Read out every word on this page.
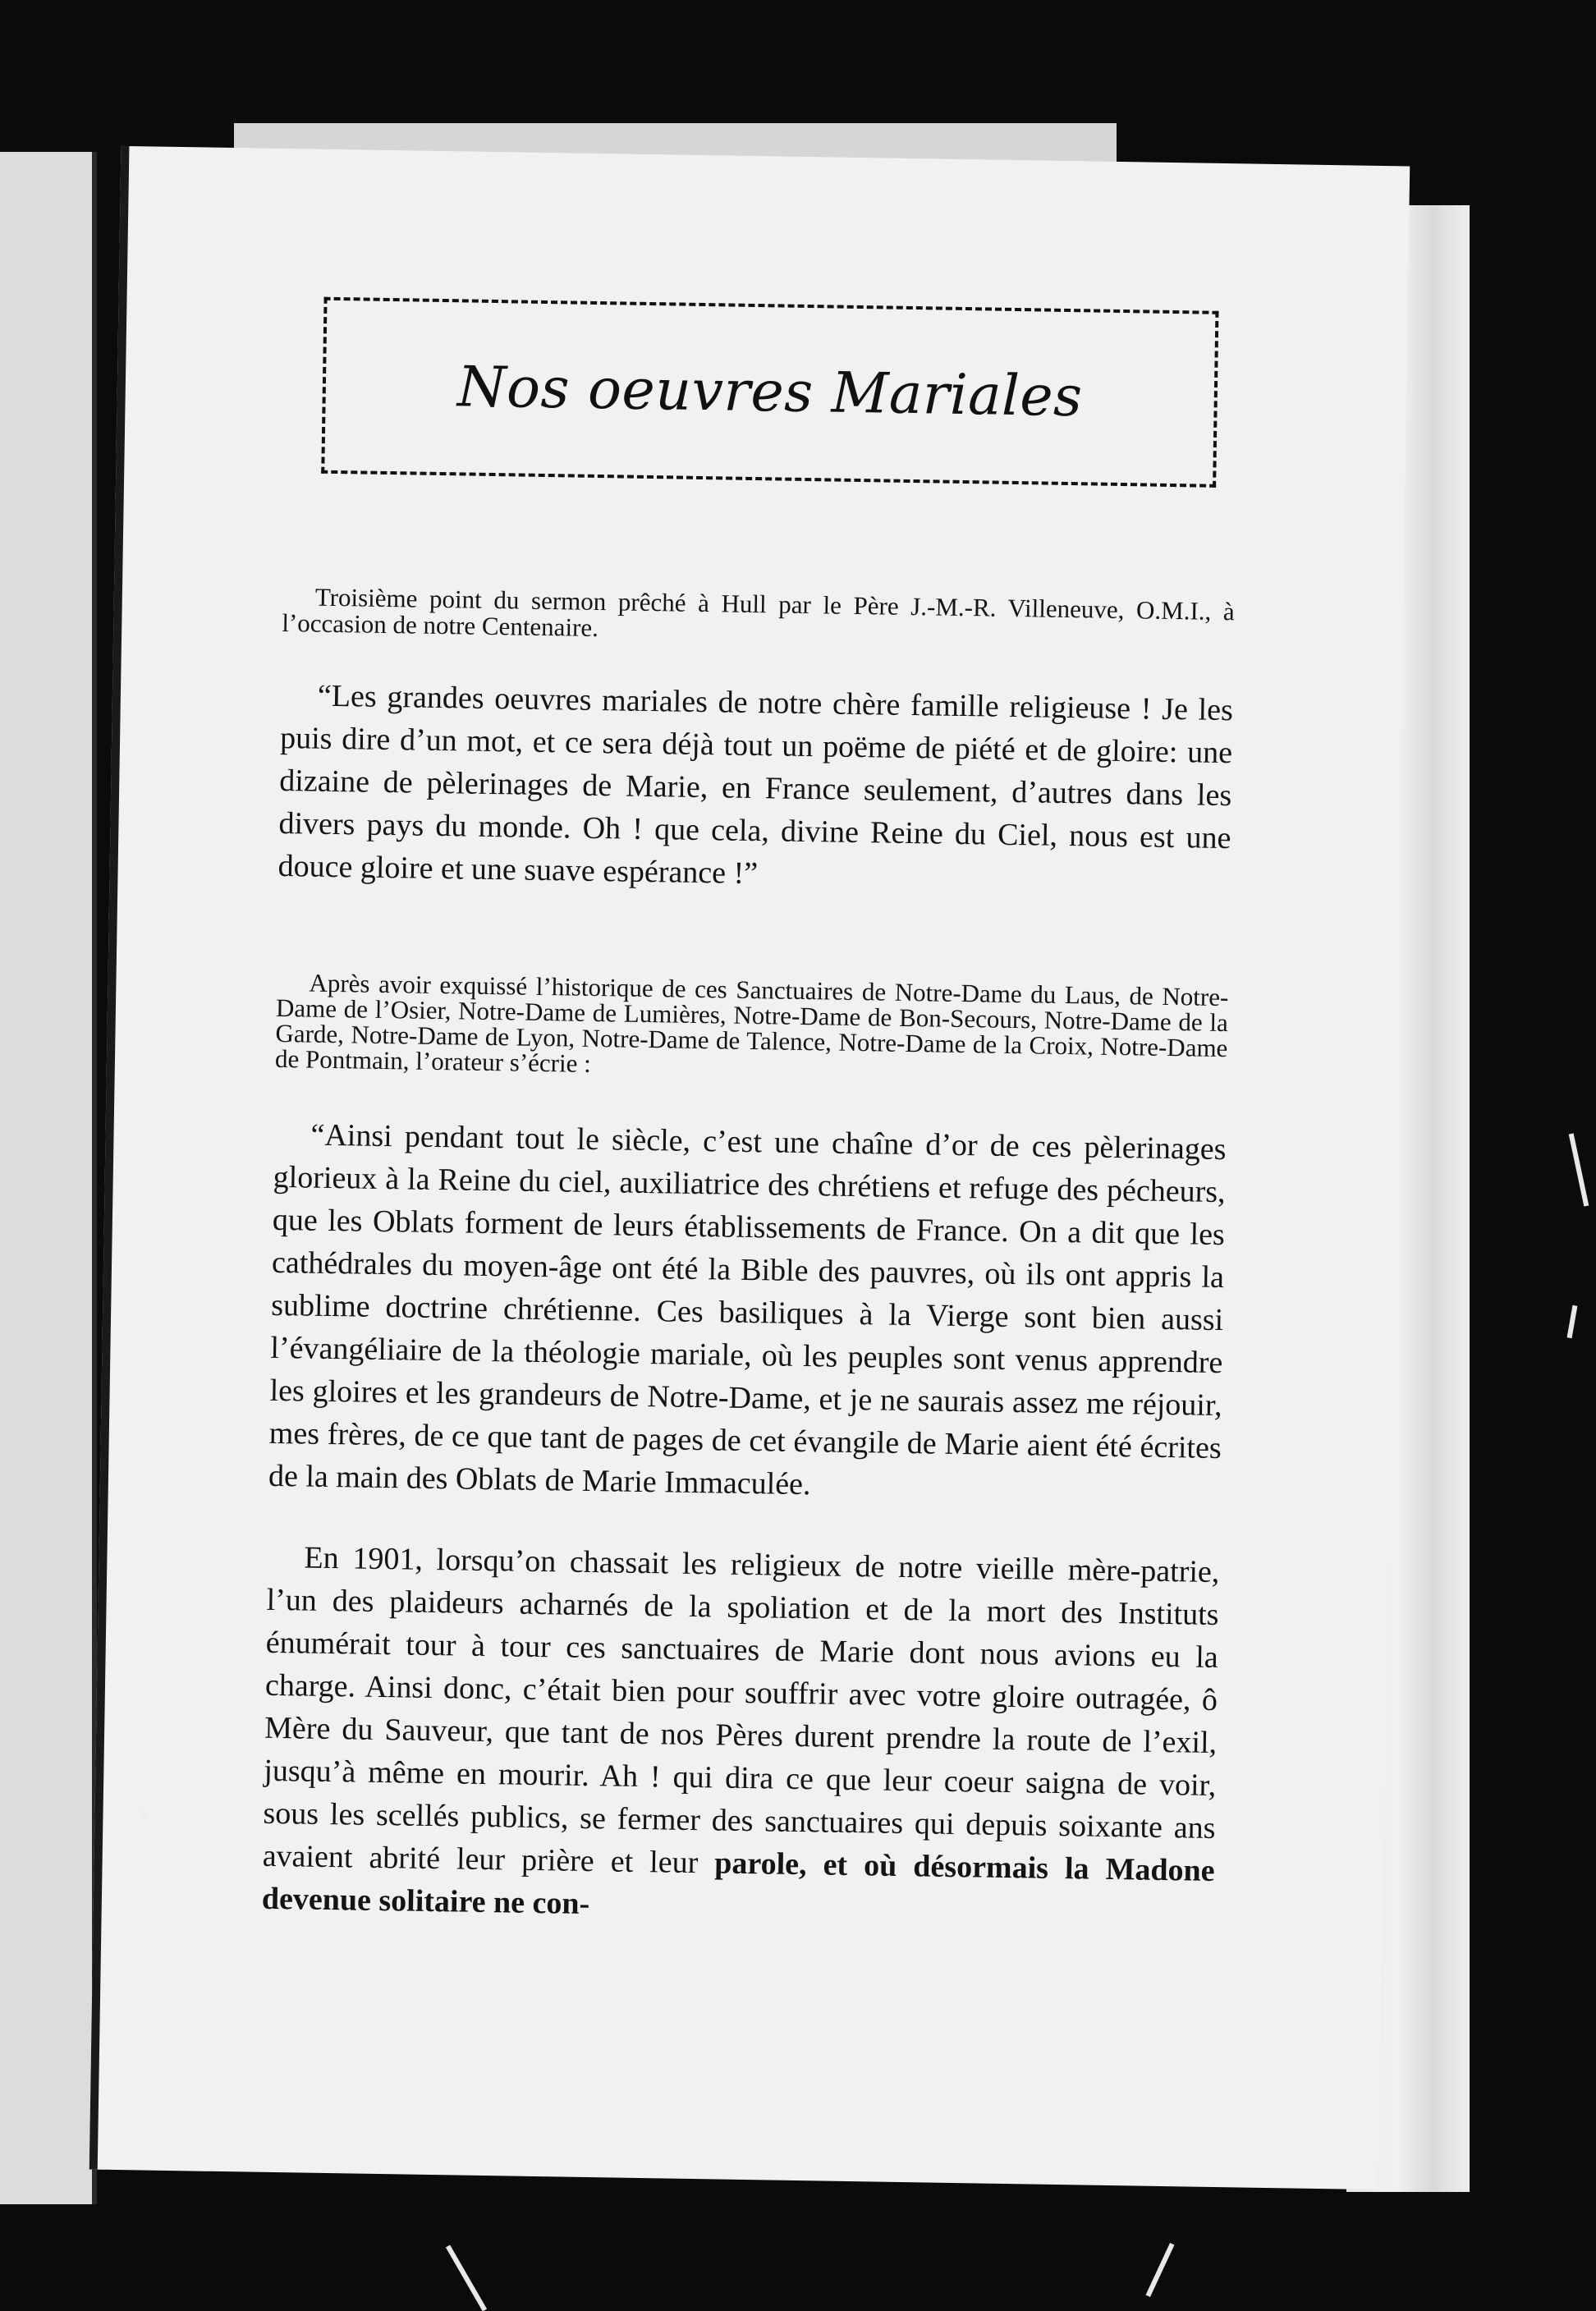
Nos oeuvres Mariales
Troisième point du sermon prêché à Hull par le Père J.-M.-R. Villeneuve, O.M.I., à l’occasion de notre Centenaire.
“Les grandes oeuvres mariales de notre chère famille religieuse ! Je les puis dire d’un mot, et ce sera déjà tout un poëme de piété et de gloire: une dizaine de pèlerinages de Marie, en France seulement, d’autres dans les divers pays du monde. Oh ! que cela, divine Reine du Ciel, nous est une douce gloire et une suave espérance !”
Après avoir exquissé l’historique de ces Sanctuaires de Notre-Dame du Laus, de Notre-Dame de l’Osier, Notre-Dame de Lumières, Notre-Dame de Bon-Secours, Notre-Dame de la Garde, Notre-Dame de Lyon, Notre-Dame de Talence, Notre-Dame de la Croix, Notre-Dame de Pontmain, l’orateur s’écrie :
“Ainsi pendant tout le siècle, c’est une chaîne d’or de ces pèlerinages glorieux à la Reine du ciel, auxiliatrice des chrétiens et refuge des pécheurs, que les Oblats forment de leurs établissements de France. On a dit que les cathédrales du moyen-âge ont été la Bible des pauvres, où ils ont appris la sublime doctrine chrétienne. Ces basiliques à la Vierge sont bien aussi l’évangéliaire de la théologie mariale, où les peuples sont venus apprendre les gloires et les grandeurs de Notre-Dame, et je ne saurais assez me réjouir, mes frères, de ce que tant de pages de cet évangile de Marie aient été écrites de la main des Oblats de Marie Immaculée.
En 1901, lorsqu’on chassait les religieux de notre vieille mère-patrie, l’un des plaideurs acharnés de la spoliation et de la mort des Instituts énumérait tour à tour ces sanctuaires de Marie dont nous avions eu la charge. Ainsi donc, c’était bien pour souffrir avec votre gloire outragée, ô Mère du Sauveur, que tant de nos Pères durent prendre la route de l’exil, jusqu’à même en mourir. Ah ! qui dira ce que leur coeur saigna de voir, sous les scellés publics, se fermer des sanctuaires qui depuis soixante ans avaient abrité leur prière et leur parole, et où désormais la Madone devenue solitaire ne con-
